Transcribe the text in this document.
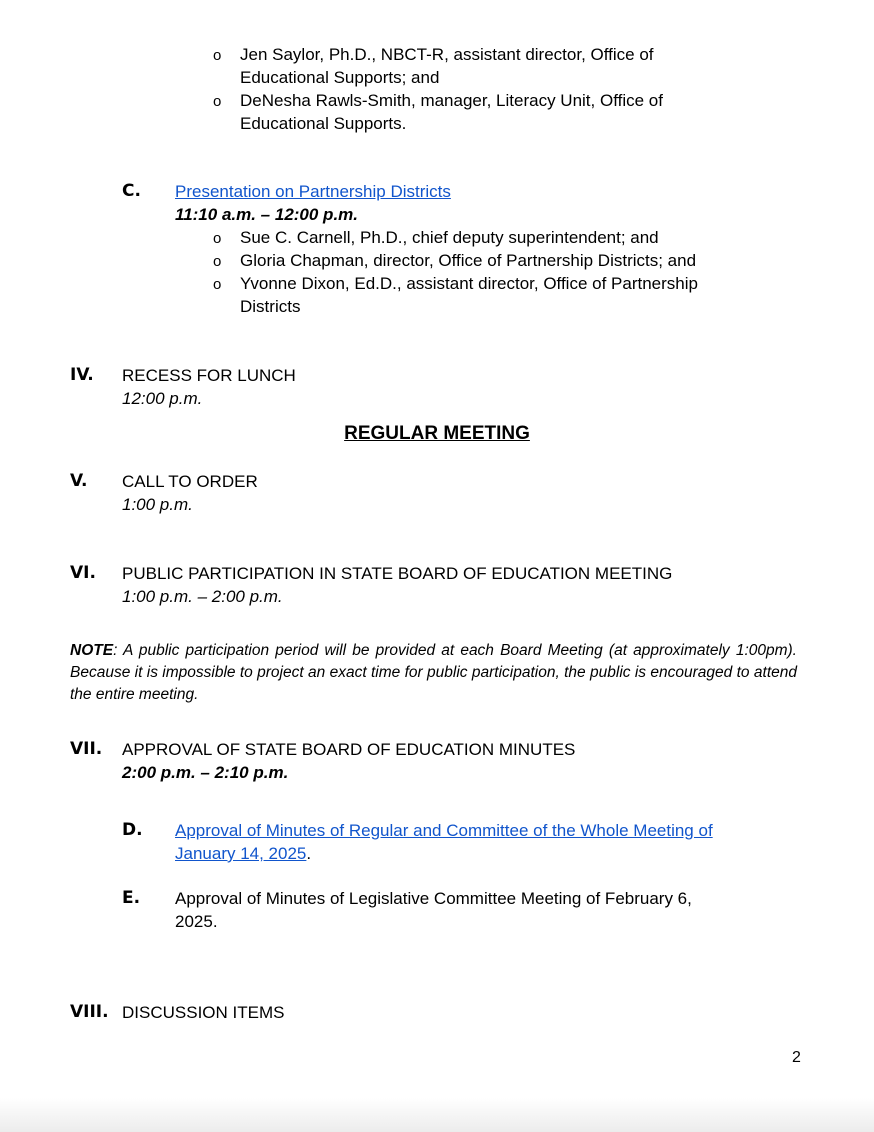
o Jen Saylor, Ph.D., NBCT-R, assistant director, Office of
Educational Supports; and
o DeNesha Rawls-Smith, manager, Literacy Unit, Office of
Educational Supports.
C. Presentation on Partnership Districts
11:10 a.m. – 12:00 p.m.
o Sue C. Carnell, Ph.D., chief deputy superintendent; and
o Gloria Chapman, director, Office of Partnership Districts; and
o Yvonne Dixon, Ed.D., assistant director, Office of Partnership
Districts
IV. RECESS FOR LUNCH
12:00 p.m.
REGULAR MEETING
V. CALL TO ORDER
1:00 p.m.
VI. PUBLIC PARTICIPATION IN STATE BOARD OF EDUCATION MEETING
1:00 p.m. – 2:00 p.m.
NOTE: A public participation period will be provided at each Board Meeting (at approximately 1:00pm). Because it is impossible to project an exact time for public participation, the public is encouraged to attend the entire meeting.
VII. APPROVAL OF STATE BOARD OF EDUCATION MINUTES
2:00 p.m. – 2:10 p.m.
D. Approval of Minutes of Regular and Committee of the Whole Meeting of
January 14, 2025.
E. Approval of Minutes of Legislative Committee Meeting of February 6,
2025.
VIII. DISCUSSION ITEMS
2
